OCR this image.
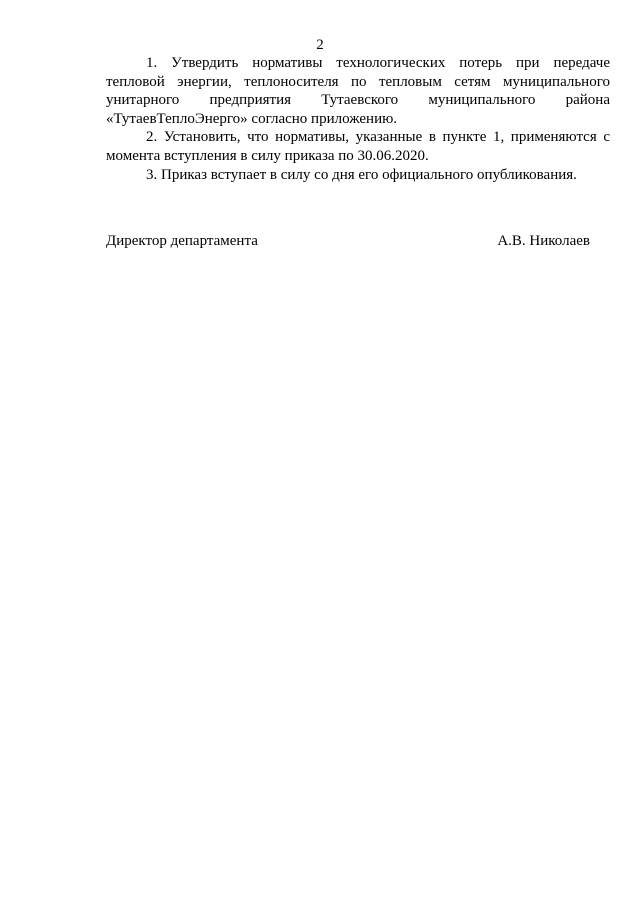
2

1. Утвердить нормативы технологических потерь при передаче тепловой энергии, теплоносителя по тепловым сетям муниципального унитарного предприятия Тутаевского муниципального района «ТутаевТеплоЭнерго» согласно приложению.

2. Установить, что нормативы, указанные в пункте 1, применяются с момента вступления в силу приказа по 30.06.2020.

3. Приказ вступает в силу со дня его официального опубликования.

Директор департамента	А.В. Николаев
